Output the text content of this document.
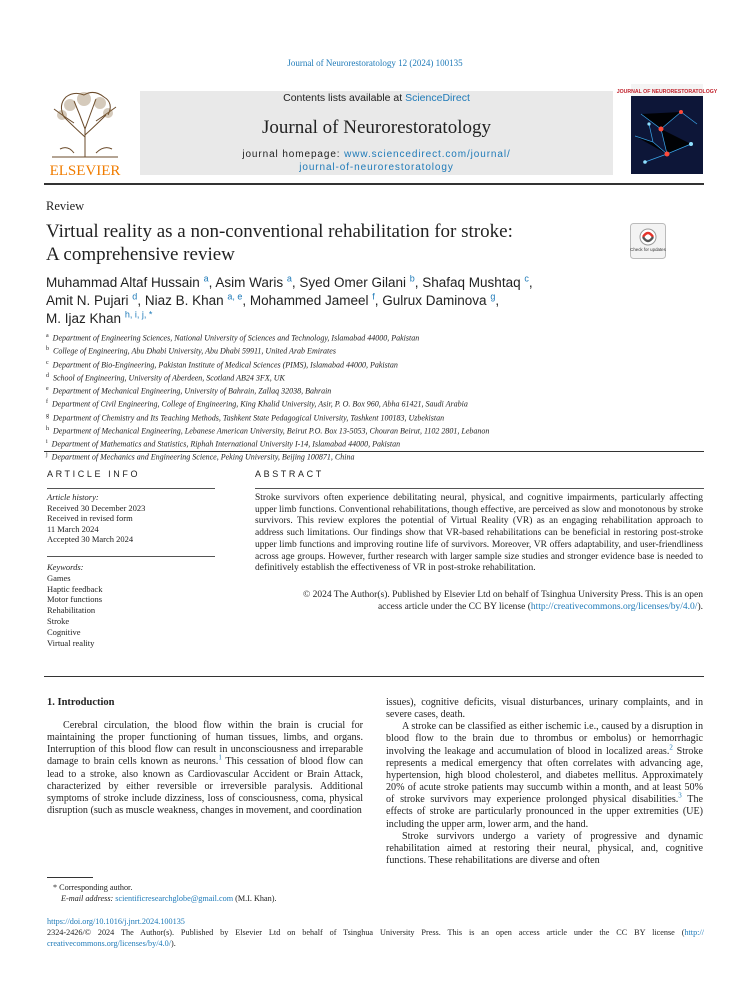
Journal of Neurorestoratology 12 (2024) 100135
ELSEVIER
Contents lists available at ScienceDirect
Journal of Neurorestoratology
journal homepage: www.sciencedirect.com/journal/
journal-of-neurorestoratology
JOURNAL OF NEURORESTORATOLOGY
Review
Virtual reality as a non-conventional rehabilitation for stroke:
A comprehensive review	Check for updates
Muhammad Altaf Hussain $^a$, Asim Waris $^a$, Syed Omer Gilani $^b$, Shafaq Mushtaq $^c$,
Amit N. Pujari $^d$, Niaz B. Khan $^{a, e}$, Mohammed Jameel $^f$, Gulrux Daminova $^g$,
M. Ijaz Khan $^{h, i, j, *}$
$^a$ Department of Engineering Sciences, National University of Sciences and Technology, Islamabad 44000, Pakistan
$^b$ College of Engineering, Abu Dhabi University, Abu Dhabi 59911, United Arab Emirates
$^c$ Department of Bio-Engineering, Pakistan Institute of Medical Sciences (PIMS), Islamabad 44000, Pakistan
$^d$ School of Engineering, University of Aberdeen, Scotland AB24 3FX, UK
$^e$ Department of Mechanical Engineering, University of Bahrain, Zallaq 32038, Bahrain
$^f$ Department of Civil Engineering, College of Engineering, King Khalid University, Asir, P. O. Box 960, Abha 61421, Saudi Arabia
$^g$ Department of Chemistry and Its Teaching Methods, Tashkent State Pedagogical University, Tashkent 100183, Uzbekistan
$^h$ Department of Mechanical Engineering, Lebanese American University, Beirut P.O. Box 13-5053, Chouran Beirut, 1102 2801, Lebanon
$^i$ Department of Mathematics and Statistics, Riphah International University I-14, Islamabad 44000, Pakistan
$^j$ Department of Mechanics and Engineering Science, Peking University, Beijing 100871, China
ARTICLE INFO
Article history:
Received 30 December 2023
Received in revised form
11 March 2024
Accepted 30 March 2024
Keywords:
Games
Haptic feedback
Motor functions
Rehabilitation
Stroke
Cognitive
Virtual reality
ABSTRACT
Stroke survivors often experience debilitating neural, physical, and cognitive impairments, particularly affecting upper limb functions. Conventional rehabilitations, though effective, are perceived as slow and monotonous by stroke survivors. This review explores the potential of Virtual Reality (VR) as an engaging rehabilitation approach to address such limitations. Our findings show that VR-based rehabilitations can be beneficial in restoring post-stroke upper limb functions and improving routine life of survivors. Moreover, VR offers adaptability, and user-friendliness across age groups. However, further research with larger sample size studies and stronger evidence base is needed to definitively establish the effectiveness of VR in post-stroke rehabilitation.
© 2024 The Author(s). Published by Elsevier Ltd on behalf of Tsinghua University Press. This is an open
access article under the CC BY license (http://creativecommons.org/licenses/by/4.0/).
1. Introduction

Cerebral circulation, the blood flow within the brain is crucial for maintaining the proper functioning of human tissues, limbs, and organs. Interruption of this blood flow can result in unconsciousness and irreparable damage to brain cells known as neurons.$^1$ This cessation of blood flow can lead to a stroke, also known as Cardiovascular Accident or Brain Attack, characterized by either reversible or irreversible paralysis. Additional symptoms of stroke include dizziness, loss of consciousness, coma, physical disruption (such as muscle weakness, changes in movement, and coordination

issues), cognitive deficits, visual disturbances, urinary complaints, and in severe cases, death.

A stroke can be classified as either ischemic i.e., caused by a disruption in blood flow to the brain due to thrombus or embolus) or hemorrhagic involving the leakage and accumulation of blood in localized areas.$^2$ Stroke represents a medical emergency that often correlates with advancing age, hypertension, high blood cholesterol, and diabetes mellitus. Approximately 20% of acute stroke patients may succumb within a month, and at least 50% of stroke survivors may experience prolonged physical disabilities.$^3$ The effects of stroke are particularly pronounced in the upper extremities (UE) including the upper arm, lower arm, and the hand.

Stroke survivors undergo a variety of progressive and dynamic rehabilitation aimed at restoring their neural, physical, and, cognitive functions. These rehabilitations are diverse and often

* Corresponding author.
E-mail address: scientificresearchglobe@gmail.com (M.I. Khan).
https://doi.org/10.1016/j.jnrt.2024.100135
2324-2426/© 2024 The Author(s). Published by Elsevier Ltd on behalf of Tsinghua University Press. This is an open access article under the CC BY license (http://
creativecommons.org/licenses/by/4.0/).
